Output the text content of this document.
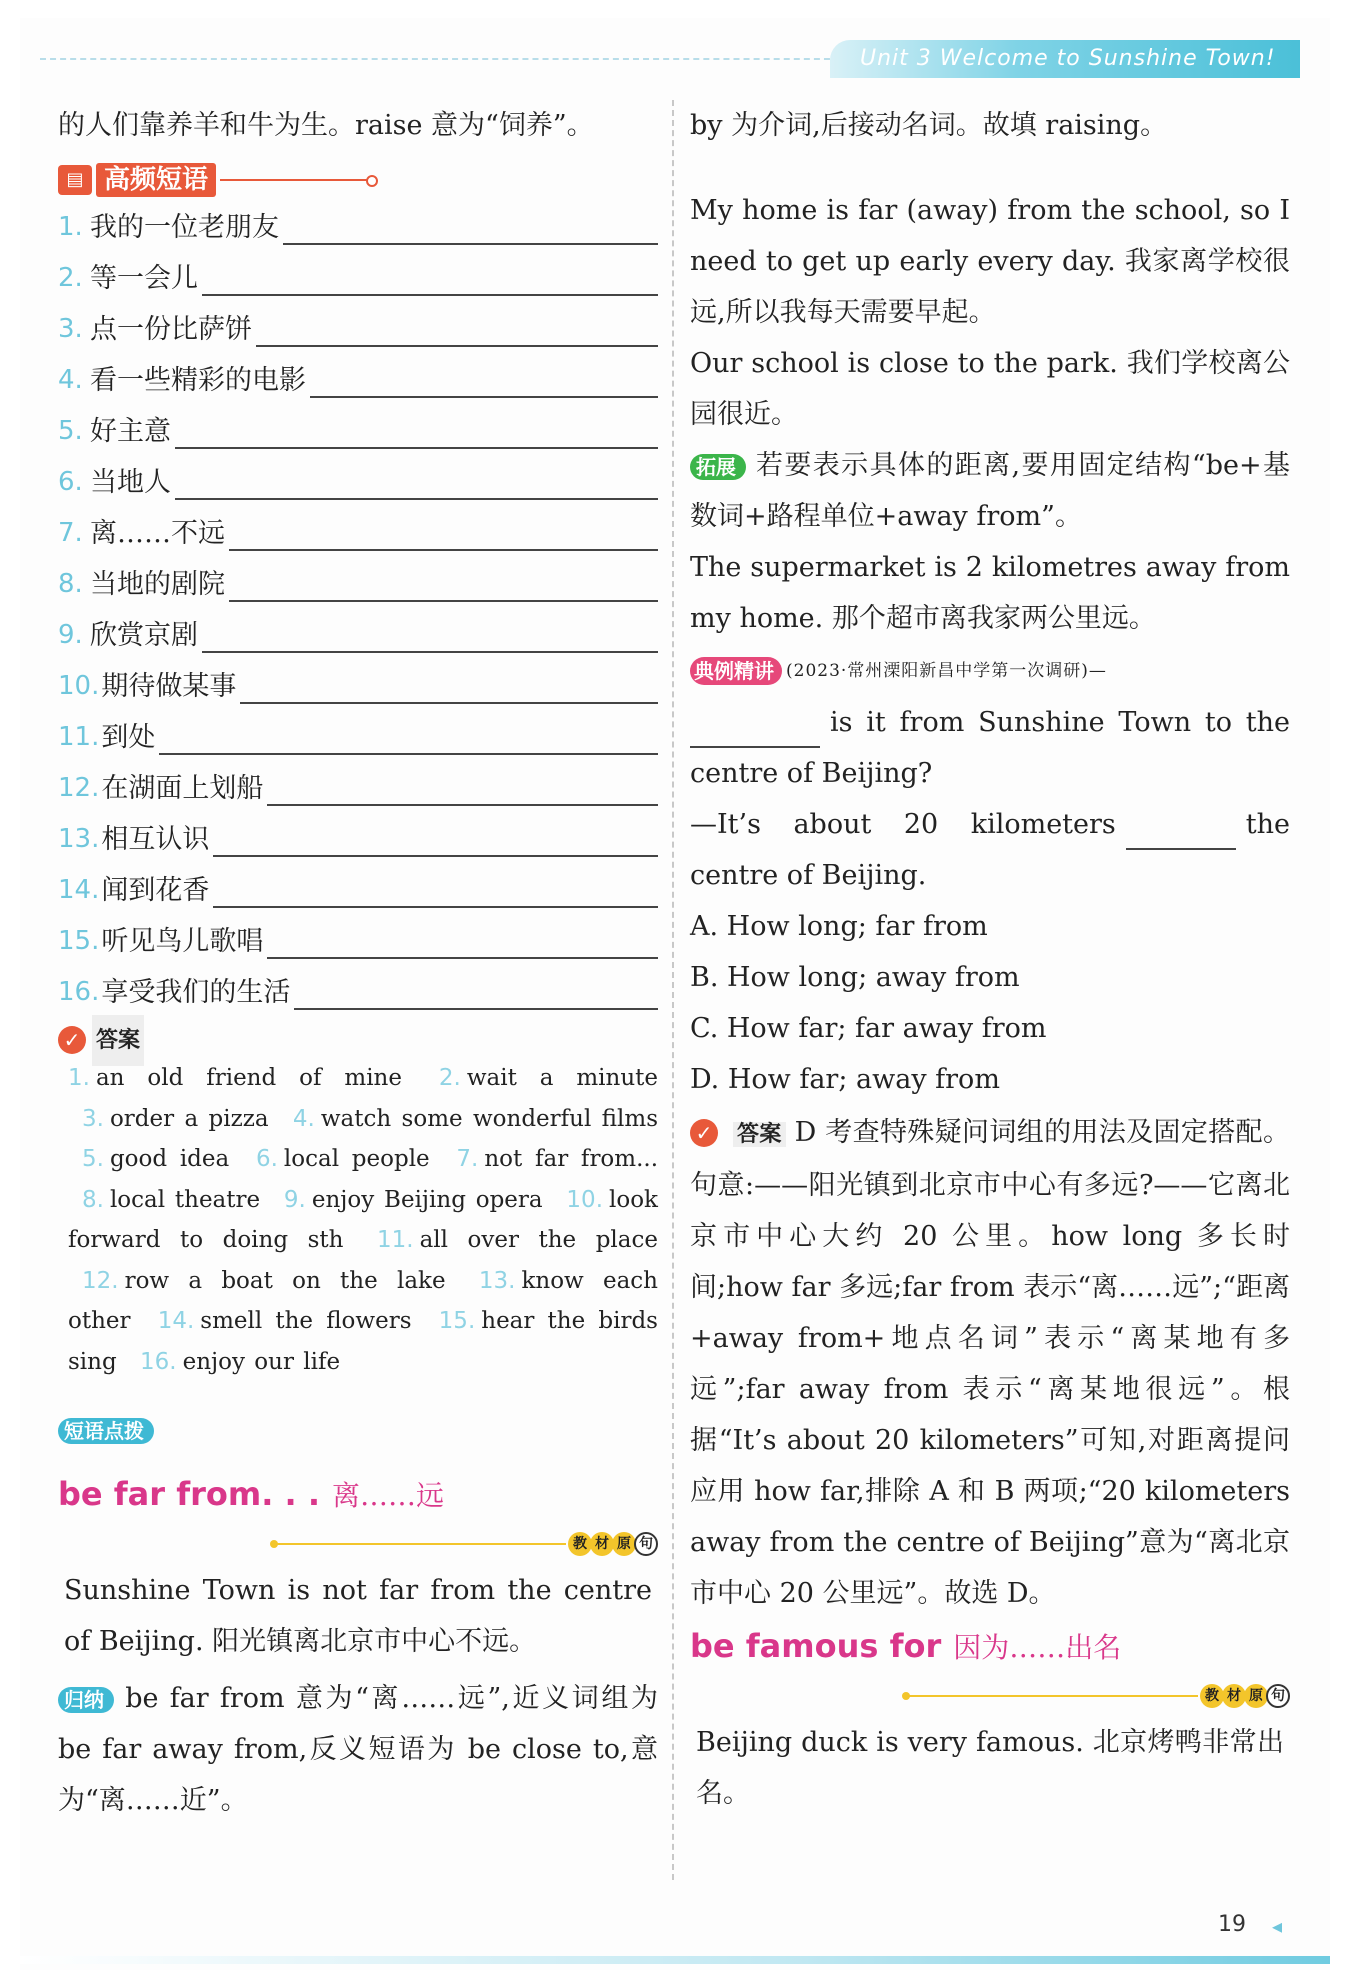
Unit 3 Welcome to Sunshine Town!
的人们靠养羊和牛为生。raise 意为“饲养”。
▤ 高频短语
1. 我的一位老朋友
2. 等一会儿
3. 点一份比萨饼
4. 看一些精彩的电影
5. 好主意
6. 当地人
7. 离……不远
8. 当地的剧院
9. 欣赏京剧
10. 期待做某事
11. 到处
12. 在湖面上划船
13. 相互认识
14. 闻到花香
15. 听见鸟儿歌唱
16. 享受我们的生活
✓ 答案
1. an old friend of mine 2. wait a minute 3. order a pizza 4. watch some wonderful films 5. good idea 6. local people 7. not far from... 8. local theatre 9. enjoy Beijing opera 10. look forward to doing sth 11. all over the place 12. row a boat on the lake 13. know each other 14. smell the flowers 15. hear the birds sing 16. enjoy our life
短语点拨
be far from. . . 离……远
教 材 原 句
Sunshine Town is not far from the centre of Beijing. 阳光镇离北京市中心不远。
归纳 be far from 意为“离……远”,近义词组为 be far away from,反义短语为 be close to,意为“离……近”。
by 为介词,后接动名词。故填 raising。
My home is far (away) from the school, so I need to get up early every day. 我家离学校很远,所以我每天需要早起。
Our school is close to the park. 我们学校离公园很近。
拓展 若要表示具体的距离,要用固定结构“be+基数词+路程单位+away from”。
The supermarket is 2 kilometres away from my home. 那个超市离我家两公里远。
典例精讲 (2023·常州溧阳新昌中学第一次调研)—
is it from Sunshine Town to the centre of Beijing?
—It’s about 20 kilometers	the centre of Beijing.
A. How long; far from
B. How long; away from
C. How far; far away from
D. How far; away from
✓ 答案 D 考查特殊疑问词组的用法及固定搭配。句意:——阳光镇到北京市中心有多远?——它离北京市中心大约 20 公里。how long 多长时间;how far 多远;far from 表示“离……远”;“距离+away from+地点名词”表示“离某地有多远”;far away from 表示“离某地很远”。根据“It’s about 20 kilometers”可知,对距离提问应用 how far,排除 A 和 B 两项;“20 kilometers away from the centre of Beijing”意为“离北京市中心 20 公里远”。故选 D。
be famous for 因为……出名
教 材 原 句
Beijing duck is very famous. 北京烤鸭非常出名。
19 ◂
